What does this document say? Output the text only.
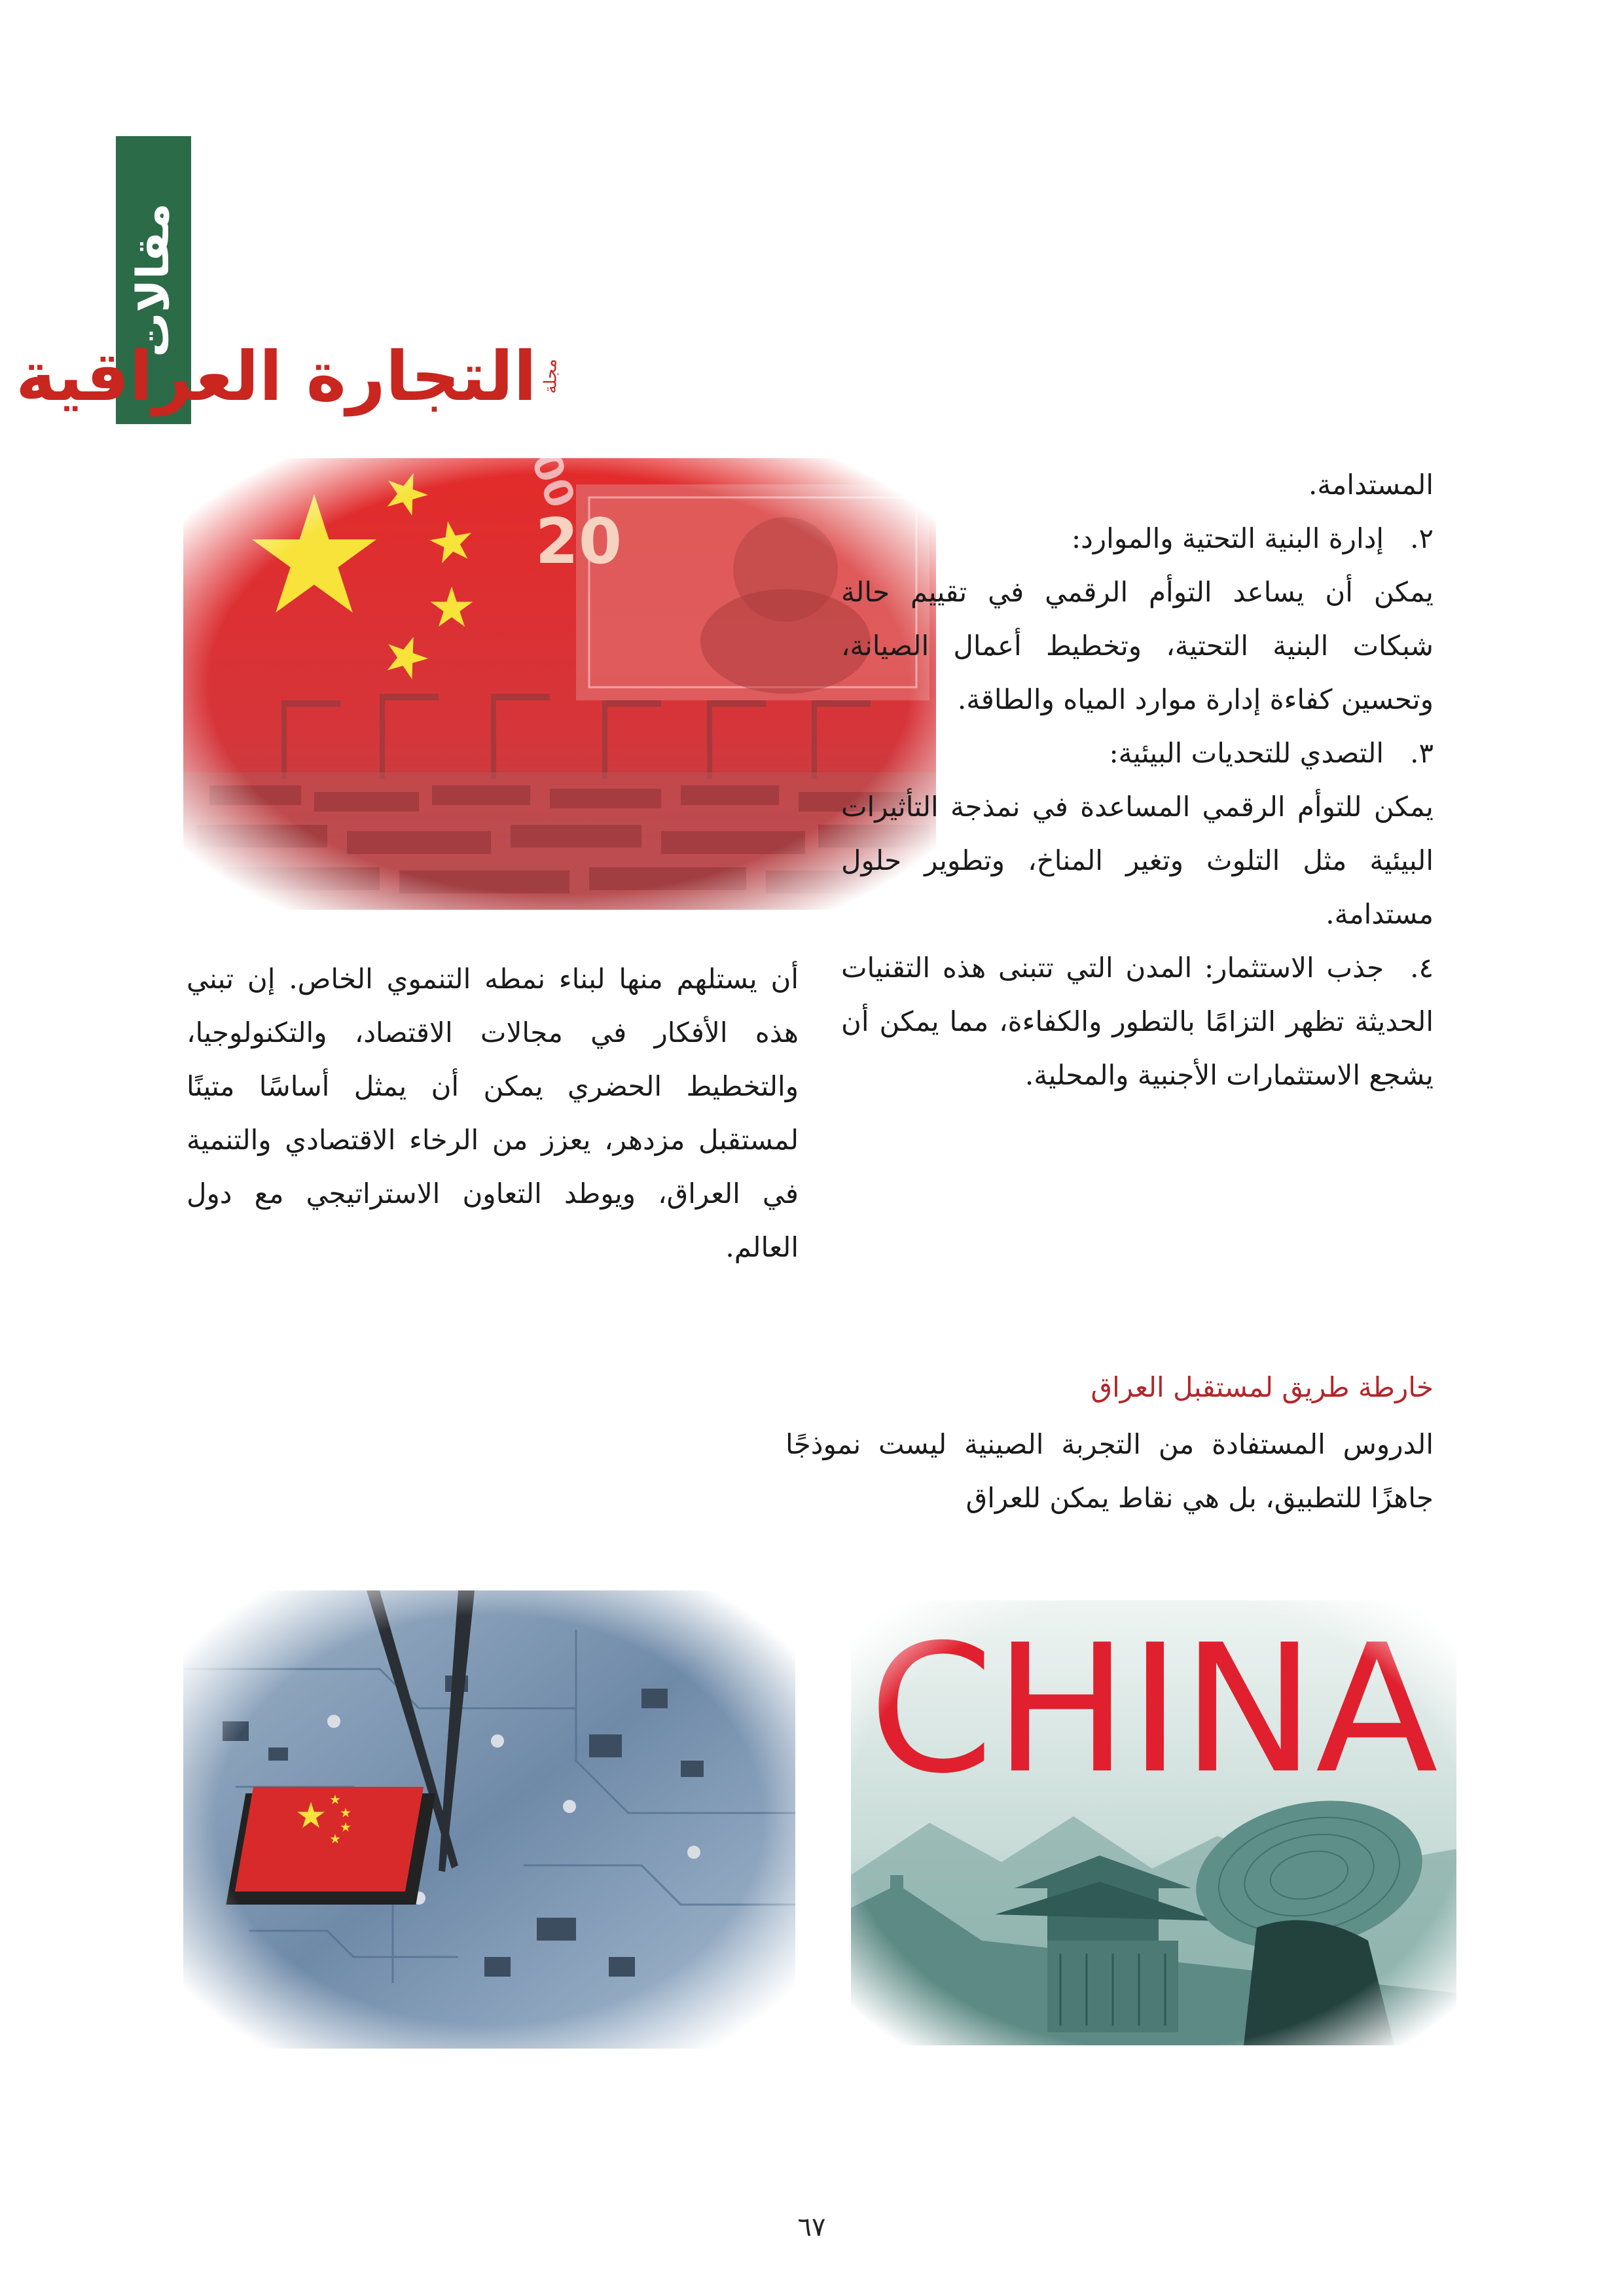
مقالات
التجارة العراقية مجلة

المستدامة.

٢.إدارة البنية التحتية والموارد:

يمكن أن يساعد التوأم الرقمي في تقييم حالة شبكات البنية التحتية، وتخطيط أعمال الصيانة، وتحسين كفاءة إدارة موارد المياه والطاقة.

٣.التصدي للتحديات البيئية:

يمكن للتوأم الرقمي المساعدة في نمذجة التأثيرات البيئية مثل التلوث وتغير المناخ، وتطوير حلول مستدامة.

٤.جذب الاستثمار: المدن التي تتبنى هذه التقنيات الحديثة تظهر التزامًا بالتطور والكفاءة، مما يمكن أن يشجع الاستثمارات الأجنبية والمحلية.

أن يستلهم منها لبناء نمطه التنموي الخاص. إن تبني هذه الأفكار في مجالات الاقتصاد، والتكنولوجيا، والتخطيط الحضري يمكن أن يمثل أساسًا متينًا لمستقبل مزدهر، يعزز من الرخاء الاقتصادي والتنمية في العراق، ويوطد التعاون الاستراتيجي مع دول العالم.

خارطة طريق لمستقبل العراق

الدروس المستفادة من التجربة الصينية ليست نموذجًا جاهزًا للتطبيق، بل هي نقاط يمكن للعراق

٦٧
